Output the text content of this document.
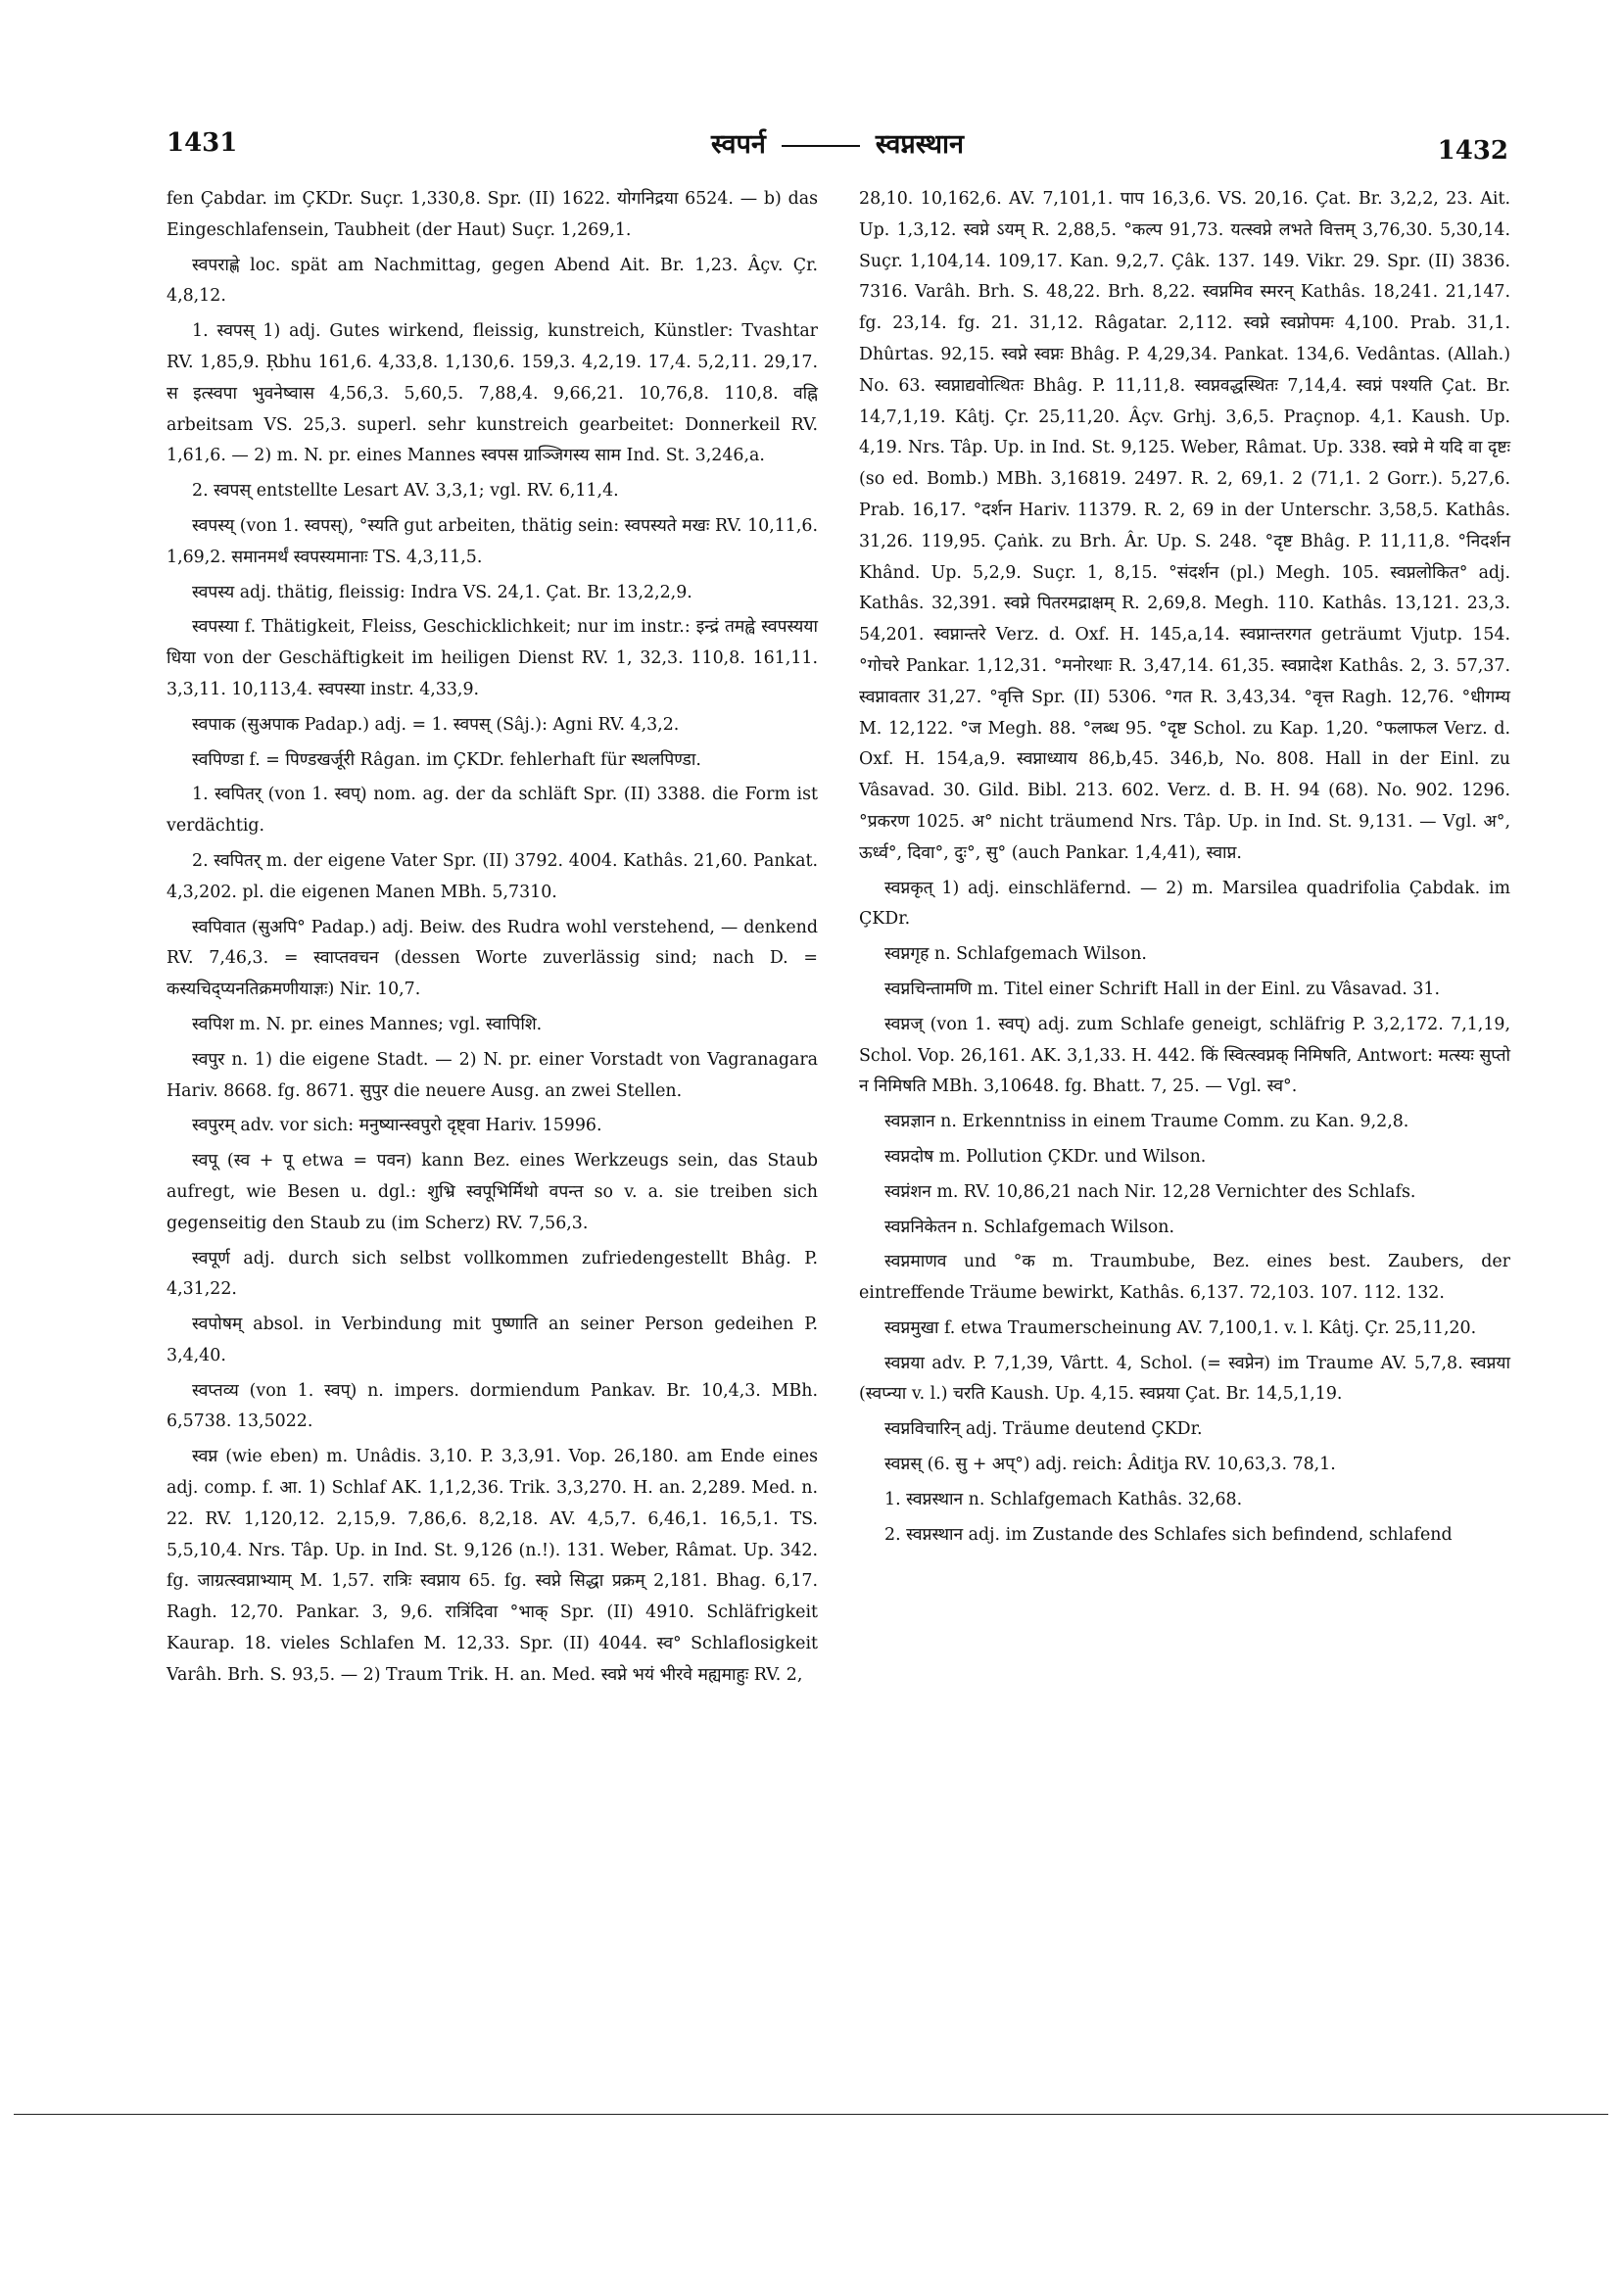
1431	स्वपर्न	स्वप्नस्थान	1432

fen Çabdar. im ÇKDr. Suçr. 1,330,8. Spr. (II) 1622. योगनिद्रया 6524. — b) das Eingeschlafensein, Taubheit (der Haut) Suçr. 1,269,1.

स्वपराह्णे loc. spät am Nachmittag, gegen Abend Ait. Br. 1,23. Âçv. Çr. 4,8,12.

1. स्वपस् 1) adj. Gutes wirkend, fleissig, kunstreich, Künstler: Tvashtar RV. 1,85,9. Ṛbhu 161,6. 4,33,8. 1,130,6. 159,3. 4,2,19. 17,4. 5,2,11. 29,17. स इत्स्वपा भुवनेष्वास 4,56,3. 5,60,5. 7,88,4. 9,66,21. 10,76,8. 110,8. वह्नि arbeitsam VS. 25,3. superl. sehr kunstreich gearbeitet: Donnerkeil RV. 1,61,6. — 2) m. N. pr. eines Mannes स्वपस ग्राञ्जिगस्य साम Ind. St. 3,246,a.

2. स्वपस् entstellte Lesart AV. 3,3,1; vgl. RV. 6,11,4.

स्वपस्य् (von 1. स्वपस्), °स्यति gut arbeiten, thätig sein: स्वपस्यते मखः RV. 10,11,6. 1,69,2. समानमर्थं स्वपस्यमानाः TS. 4,3,11,5.

स्वपस्य adj. thätig, fleissig: Indra VS. 24,1. Çat. Br. 13,2,2,9.

स्वपस्या f. Thätigkeit, Fleiss, Geschicklichkeit; nur im instr.: इन्द्रं तमह्वे स्वपस्यया धिया von der Geschäftigkeit im heiligen Dienst RV. 1, 32,3. 110,8. 161,11. 3,3,11. 10,113,4. स्वपस्या instr. 4,33,9.

स्वपाक (सुअपाक Padap.) adj. = 1. स्वपस् (Sâj.): Agni RV. 4,3,2.

स्वपिण्डा f. = पिण्डखर्जूरी Râgan. im ÇKDr. fehlerhaft für स्थलपिण्डा.

1. स्वपितर् (von 1. स्वप्) nom. ag. der da schläft Spr. (II) 3388. die Form ist verdächtig.

2. स्वपितर् m. der eigene Vater Spr. (II) 3792. 4004. Kathâs. 21,60. Pankat. 4,3,202. pl. die eigenen Manen MBh. 5,7310.

स्वपिवात (सुअपि° Padap.) adj. Beiw. des Rudra wohl verstehend, — denkend RV. 7,46,3. = स्वाप्तवचन (dessen Worte zuverlässig sind; nach D. = कस्यचिद्प्यनतिक्रमणीयाज्ञः) Nir. 10,7.

स्वपिश m. N. pr. eines Mannes; vgl. स्वापिशि.

स्वपुर n. 1) die eigene Stadt. — 2) N. pr. einer Vorstadt von Vagranagara Hariv. 8668. fg. 8671. सुपुर die neuere Ausg. an zwei Stellen.

स्वपुरम् adv. vor sich: मनुष्यान्स्वपुरो दृष्ट्वा Hariv. 15996.

स्वपू (स्व + पू etwa = पवन) kann Bez. eines Werkzeugs sein, das Staub aufregt, wie Besen u. dgl.: शुभ्रि स्वपूभिर्मिथो वपन्त so v. a. sie treiben sich gegenseitig den Staub zu (im Scherz) RV. 7,56,3.

स्वपूर्ण adj. durch sich selbst vollkommen zufriedengestellt Bhâg. P. 4,31,22.

स्वपोषम् absol. in Verbindung mit पुष्णाति an seiner Person gedeihen P. 3,4,40.

स्वप्तव्य (von 1. स्वप्) n. impers. dormiendum Pankav. Br. 10,4,3. MBh. 6,5738. 13,5022.

स्वप्न (wie eben) m. Unâdis. 3,10. P. 3,3,91. Vop. 26,180. am Ende eines adj. comp. f. आ. 1) Schlaf AK. 1,1,2,36. Trik. 3,3,270. H. an. 2,289. Med. n. 22. RV. 1,120,12. 2,15,9. 7,86,6. 8,2,18. AV. 4,5,7. 6,46,1. 16,5,1. TS. 5,5,10,4. Nrs. Tâp. Up. in Ind. St. 9,126 (n.!). 131. Weber, Râmat. Up. 342. fg. जाग्रत्स्वप्नाभ्याम् M. 1,57. रात्रिः स्वप्नाय 65. fg. स्वप्ने सिद्धा प्रक्रम् 2,181. Bhag. 6,17. Ragh. 12,70. Pankar. 3, 9,6. रात्रिंदिवा °भाक् Spr. (II) 4910. Schläfrigkeit Kaurap. 18. vieles Schlafen M. 12,33. Spr. (II) 4044. स्व° Schlaflosigkeit Varâh. Brh. S. 93,5. — 2) Traum Trik. H. an. Med. स्वप्ने भयं भीरवे मह्यमाहुः RV. 2,

28,10. 10,162,6. AV. 7,101,1. पाप 16,3,6. VS. 20,16. Çat. Br. 3,2,2, 23. Ait. Up. 1,3,12. स्वप्ने ऽयम् R. 2,88,5. °कल्प 91,73. यत्स्वप्ने लभते वित्तम् 3,76,30. 5,30,14. Suçr. 1,104,14. 109,17. Kan. 9,2,7. Çâk. 137. 149. Vikr. 29. Spr. (II) 3836. 7316. Varâh. Brh. S. 48,22. Brh. 8,22. स्वप्नमिव स्मरन् Kathâs. 18,241. 21,147. fg. 23,14. fg. 21. 31,12. Râgatar. 2,112. स्वप्ने स्वप्नोपमः 4,100. Prab. 31,1. Dhûrtas. 92,15. स्वप्ने स्वप्नः Bhâg. P. 4,29,34. Pankat. 134,6. Vedântas. (Allah.) No. 63. स्वप्नाद्यवोत्थितः Bhâg. P. 11,11,8. स्वप्नवद्धस्थितः 7,14,4. स्वप्नं पश्यति Çat. Br. 14,7,1,19. Kâtj. Çr. 25,11,20. Âçv. Grhj. 3,6,5. Praçnop. 4,1. Kaush. Up. 4,19. Nrs. Tâp. Up. in Ind. St. 9,125. Weber, Râmat. Up. 338. स्वप्ने मे यदि वा दृष्टः (so ed. Bomb.) MBh. 3,16819. 2497. R. 2, 69,1. 2 (71,1. 2 Gorr.). 5,27,6. Prab. 16,17. °दर्शन Hariv. 11379. R. 2, 69 in der Unterschr. 3,58,5. Kathâs. 31,26. 119,95. Çaṅk. zu Brh. Âr. Up. S. 248. °दृष्ट Bhâg. P. 11,11,8. °निदर्शन Khând. Up. 5,2,9. Suçr. 1, 8,15. °संदर्शन (pl.) Megh. 105. स्वप्नलोकित° adj. Kathâs. 32,391. स्वप्ने पितरमद्राक्षम् R. 2,69,8. Megh. 110. Kathâs. 13,121. 23,3. 54,201. स्वप्नान्तरे Verz. d. Oxf. H. 145,a,14. स्वप्नान्तरगत geträumt Vjutp. 154. °गोचरे Pankar. 1,12,31. °मनोरथाः R. 3,47,14. 61,35. स्वप्नादेश Kathâs. 2, 3. 57,37. स्वप्नावतार 31,27. °वृत्ति Spr. (II) 5306. °गत R. 3,43,34. °वृत्त Ragh. 12,76. °धीगम्य M. 12,122. °ज Megh. 88. °लब्ध 95. °दृष्ट Schol. zu Kap. 1,20. °फलाफल Verz. d. Oxf. H. 154,a,9. स्वप्नाध्याय 86,b,45. 346,b, No. 808. Hall in der Einl. zu Vâsavad. 30. Gild. Bibl. 213. 602. Verz. d. B. H. 94 (68). No. 902. 1296. °प्रकरण 1025. अ° nicht träumend Nrs. Tâp. Up. in Ind. St. 9,131. — Vgl. अ°, ऊर्ध्व°, दिवा°, दुः°, सु° (auch Pankar. 1,4,41), स्वाप्न.

स्वप्नकृत् 1) adj. einschläfernd. — 2) m. Marsilea quadrifolia Çabdak. im ÇKDr.

स्वप्नगृह n. Schlafgemach Wilson.

स्वप्नचिन्तामणि m. Titel einer Schrift Hall in der Einl. zu Vâsavad. 31.

स्वप्नज् (von 1. स्वप्) adj. zum Schlafe geneigt, schläfrig P. 3,2,172. 7,1,19, Schol. Vop. 26,161. AK. 3,1,33. H. 442. किं स्वित्स्वप्नक् निमिषति, Antwort: मत्स्यः सुप्तो न निमिषति MBh. 3,10648. fg. Bhatt. 7, 25. — Vgl. स्व°.

स्वप्नज्ञान n. Erkenntniss in einem Traume Comm. zu Kan. 9,2,8.

स्वप्नदोष m. Pollution ÇKDr. und Wilson.

स्वप्नंशन m. RV. 10,86,21 nach Nir. 12,28 Vernichter des Schlafs.

स्वप्ननिकेतन n. Schlafgemach Wilson.

स्वप्नमाणव und °क m. Traumbube, Bez. eines best. Zaubers, der eintreffende Träume bewirkt, Kathâs. 6,137. 72,103. 107. 112. 132.

स्वप्नमुखा f. etwa Traumerscheinung AV. 7,100,1. v. l. Kâtj. Çr. 25,11,20.

स्वप्नया adv. P. 7,1,39, Vârtt. 4, Schol. (= स्वप्नेन) im Traume AV. 5,7,8. स्वप्नया (स्वप्न्या v. l.) चरति Kaush. Up. 4,15. स्वप्नया Çat. Br. 14,5,1,19.

स्वप्नविचारिन् adj. Träume deutend ÇKDr.

स्वप्नस् (6. सु + अप्°) adj. reich: Âditja RV. 10,63,3. 78,1.

1. स्वप्नस्थान n. Schlafgemach Kathâs. 32,68.

2. स्वप्नस्थान adj. im Zustande des Schlafes sich befindend, schlafend
